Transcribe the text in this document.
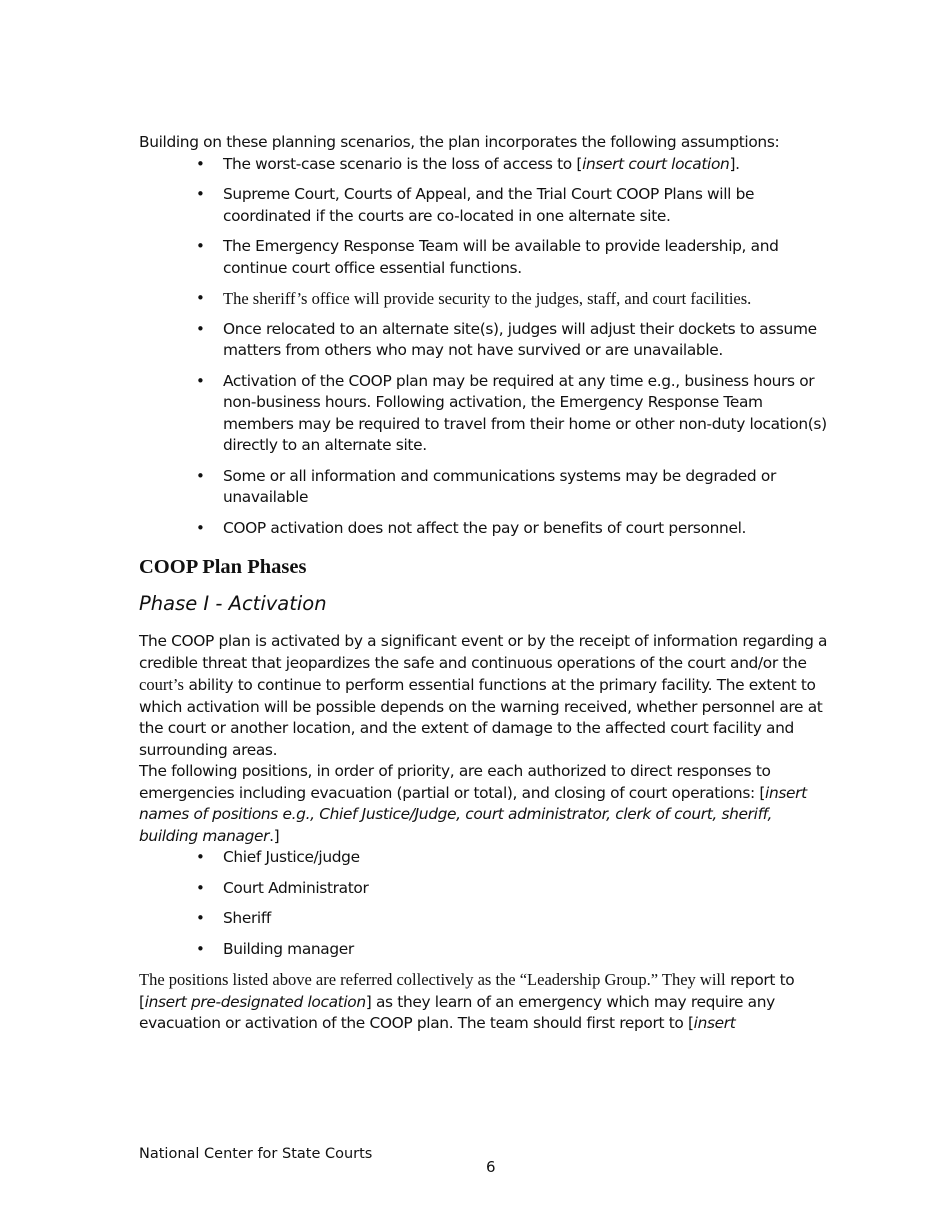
Building on these planning scenarios, the plan incorporates the following assumptions:

• The worst-case scenario is the loss of access to [insert court location].
• Supreme Court, Courts of Appeal, and the Trial Court COOP Plans will be coordinated if the courts are co-located in one alternate site.
• The Emergency Response Team will be available to provide leadership, and continue court office essential functions.
• The sheriff’s office will provide security to the judges, staff, and court facilities.
• Once relocated to an alternate site(s), judges will adjust their dockets to assume matters from others who may not have survived or are unavailable.
• Activation of the COOP plan may be required at any time e.g., business hours or non-business hours. Following activation, the Emergency Response Team members may be required to travel from their home or other non-duty location(s) directly to an alternate site.
• Some or all information and communications systems may be degraded or unavailable
• COOP activation does not affect the pay or benefits of court personnel.
COOP Plan Phases
Phase I - Activation

The COOP plan is activated by a significant event or by the receipt of information regarding a credible threat that jeopardizes the safe and continuous operations of the court and/or the court’s ability to continue to perform essential functions at the primary facility. The extent to which activation will be possible depends on the warning received, whether personnel are at the court or another location, and the extent of damage to the affected court facility and surrounding areas.

The following positions, in order of priority, are each authorized to direct responses to emergencies including evacuation (partial or total), and closing of court operations: [insert names of positions e.g., Chief Justice/Judge, court administrator, clerk of court, sheriff, building manager.]

• Chief Justice/judge
• Court Administrator
• Sheriff
• Building manager

The positions listed above are referred collectively as the “Leadership Group.” They will report to [insert pre-designated location] as they learn of an emergency which may require any evacuation or activation of the COOP plan. The team should first report to [insert

National Center for State Courts
6
